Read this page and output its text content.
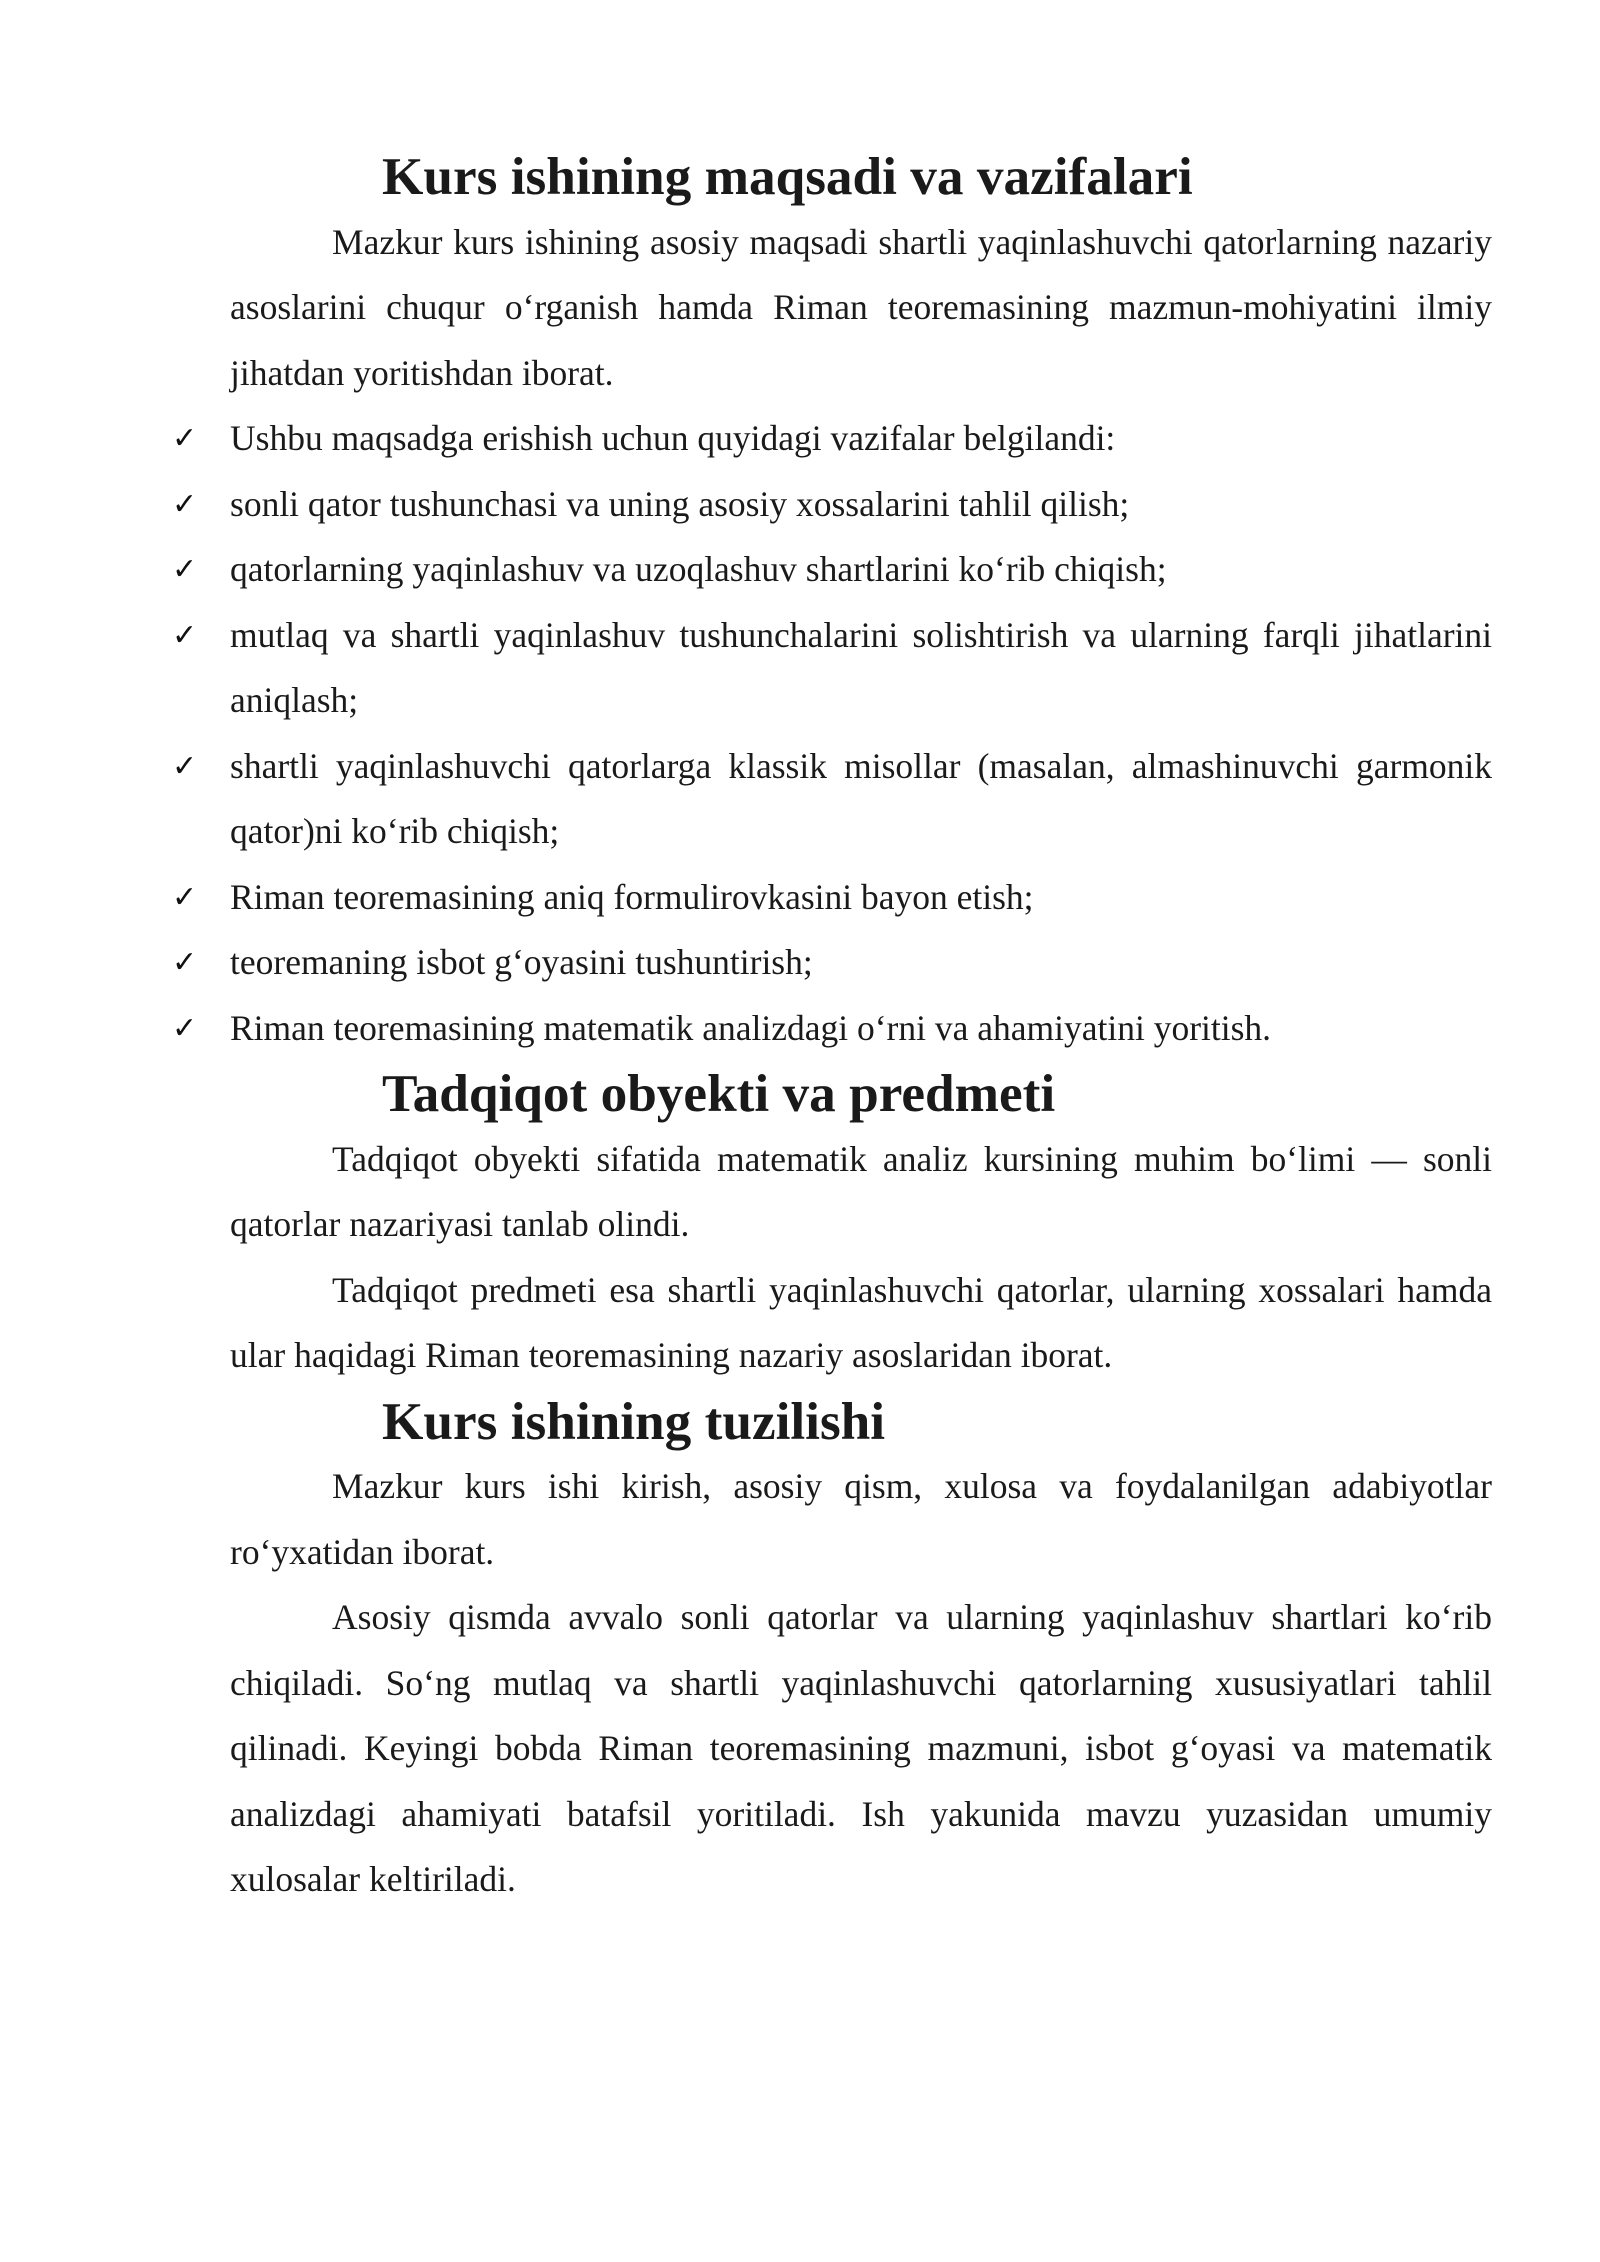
Kurs ishining maqsadi va vazifalari

Mazkur kurs ishining asosiy maqsadi shartli yaqinlashuvchi qatorlarning nazariy asoslarini chuqur o‘rganish hamda Riman teoremasining mazmun-mohiyatini ilmiy jihatdan yoritishdan iborat.

✓ Ushbu maqsadga erishish uchun quyidagi vazifalar belgilandi:
✓ sonli qator tushunchasi va uning asosiy xossalarini tahlil qilish;
✓ qatorlarning yaqinlashuv va uzoqlashuv shartlarini ko‘rib chiqish;
✓ mutlaq va shartli yaqinlashuv tushunchalarini solishtirish va ularning farqli jihatlarini aniqlash;
✓ shartli yaqinlashuvchi qatorlarga klassik misollar (masalan, almashinuvchi garmonik qator)ni ko‘rib chiqish;
✓ Riman teoremasining aniq formulirovkasini bayon etish;
✓ teoremaning isbot g‘oyasini tushuntirish;
✓ Riman teoremasining matematik analizdagi o‘rni va ahamiyatini yoritish.
Tadqiqot obyekti va predmeti

Tadqiqot obyekti sifatida matematik analiz kursining muhim bo‘limi — sonli qatorlar nazariyasi tanlab olindi.

Tadqiqot predmeti esa shartli yaqinlashuvchi qatorlar, ularning xossalari hamda ular haqidagi Riman teoremasining nazariy asoslaridan iborat.

Kurs ishining tuzilishi

Mazkur kurs ishi kirish, asosiy qism, xulosa va foydalanilgan adabiyotlar ro‘yxatidan iborat.

Asosiy qismda avvalo sonli qatorlar va ularning yaqinlashuv shartlari ko‘rib chiqiladi. So‘ng mutlaq va shartli yaqinlashuvchi qatorlarning xususiyatlari tahlil qilinadi. Keyingi bobda Riman teoremasining mazmuni, isbot g‘oyasi va matematik analizdagi ahamiyati batafsil yoritiladi. Ish yakunida mavzu yuzasidan umumiy xulosalar keltiriladi.
